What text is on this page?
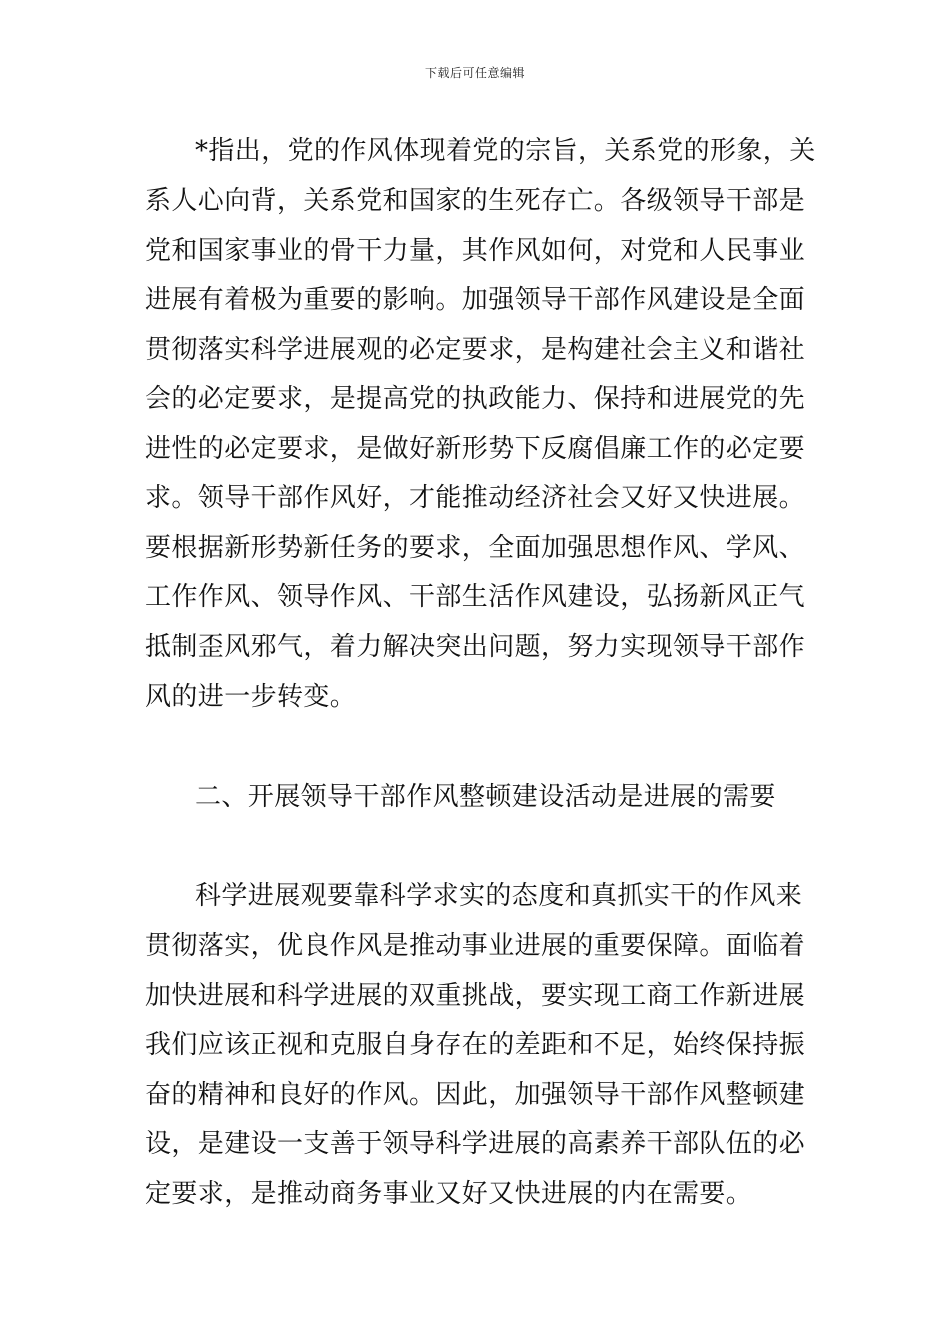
下载后可任意编辑
*指出，党的作风体现着党的宗旨，关系党的形象，关
系人心向背，关系党和国家的生死存亡。各级领导干部是
党和国家事业的骨干力量，其作风如何，对党和人民事业
进展有着极为重要的影响。加强领导干部作风建设是全面
贯彻落实科学进展观的必定要求，是构建社会主义和谐社
会的必定要求，是提高党的执政能力、保持和进展党的先
进性的必定要求，是做好新形势下反腐倡廉工作的必定要
求。领导干部作风好，才能推动经济社会又好又快进展。
要根据新形势新任务的要求，全面加强思想作风、学风、
工作作风、领导作风、干部生活作风建设，弘扬新风正气
抵制歪风邪气，着力解决突出问题，努力实现领导干部作
风的进一步转变。
二、开展领导干部作风整顿建设活动是进展的需要
科学进展观要靠科学求实的态度和真抓实干的作风来
贯彻落实，优良作风是推动事业进展的重要保障。面临着
加快进展和科学进展的双重挑战，要实现工商工作新进展
我们应该正视和克服自身存在的差距和不足，始终保持振
奋的精神和良好的作风。因此，加强领导干部作风整顿建
设，是建设一支善于领导科学进展的高素养干部队伍的必
定要求，是推动商务事业又好又快进展的内在需要。
